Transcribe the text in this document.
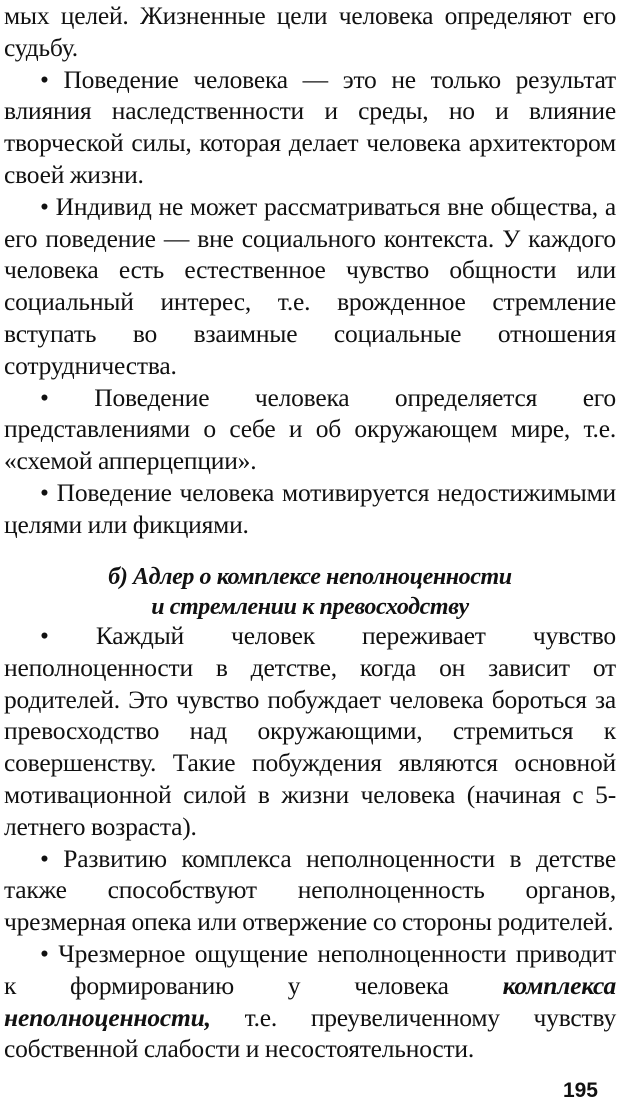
мых целей. Жизненные цели человека определяют его судьбу.

• Поведение человека — это не только результат влияния наследственности и среды, но и влияние творческой силы, которая делает человека архитектором своей жизни.

• Индивид не может рассматриваться вне общества, а его поведение — вне социального контекста. У каждого человека есть естественное чувство общности или социальный интерес, т.е. врожденное стремление вступать во взаимные социальные отношения сотрудничества.

• Поведение человека определяется его представлениями о себе и об окружающем мире, т.е. «схемой апперцепции».

• Поведение человека мотивируется недостижимыми целями или фикциями.

б) Адлер о комплексе неполноценности
и стремлении к превосходству

• Каждый человек переживает чувство неполноценности в детстве, когда он зависит от родителей. Это чувство побуждает человека бороться за превосходство над окружающими, стремиться к совершенству. Такие побуждения являются основной мотивационной силой в жизни человека (начиная с 5-летнего возраста).

• Развитию комплекса неполноценности в детстве также способствуют неполноценность органов, чрезмерная опека или отвержение со стороны родителей.

• Чрезмерное ощущение неполноценности приводит к формированию у человека комплекса неполноценности, т.е. преувеличенному чувству собственной слабости и несостоятельности.

195
